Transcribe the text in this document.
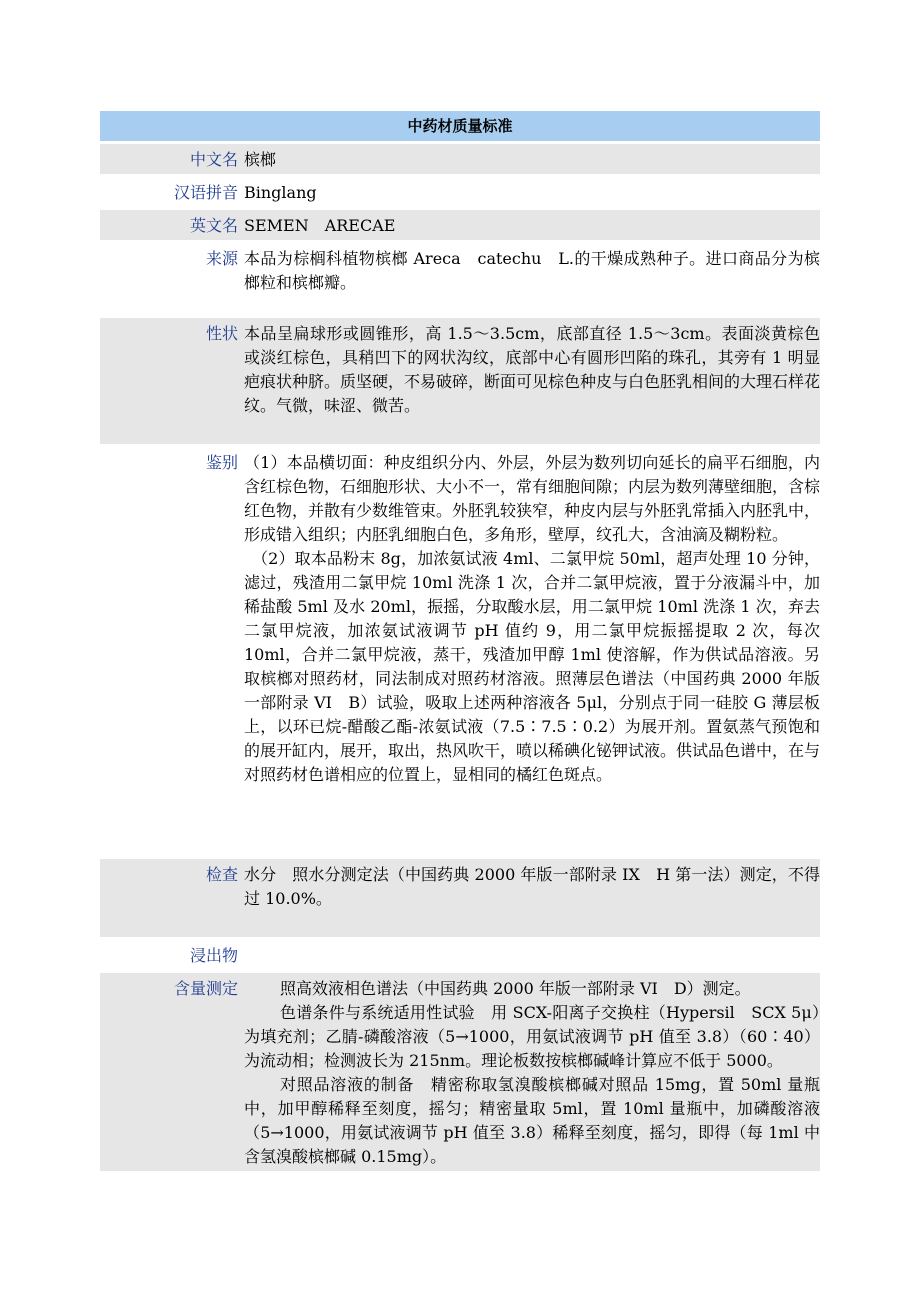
中药材质量标准
中文名 槟榔
汉语拼音 Binglang
英文名 SEMEN　ARECAE
来源 本品为棕榈科植物槟榔 Areca　catechu　L.的干燥成熟种子。进口商品分为槟榔粒和槟榔瓣。
性状 本品呈扁球形或圆锥形，高 1.5～3.5cm，底部直径 1.5～3cm。表面淡黄棕色或淡红棕色，具稍凹下的网状沟纹，底部中心有圆形凹陷的珠孔，其旁有 1 明显疤痕状种脐。质坚硬，不易破碎，断面可见棕色种皮与白色胚乳相间的大理石样花纹。气微，味涩、微苦。
鉴别 （1）本品横切面：种皮组织分内、外层，外层为数列切向延长的扁平石细胞，内含红棕色物，石细胞形状、大小不一，常有细胞间隙；内层为数列薄壁细胞，含棕红色物，并散有少数维管束。外胚乳较狭窄，种皮内层与外胚乳常插入内胚乳中，形成错入组织；内胚乳细胞白色，多角形，壁厚，纹孔大，含油滴及糊粉粒。

（2）取本品粉末 8g，加浓氨试液 4ml、二氯甲烷 50ml，超声处理 10 分钟，滤过，残渣用二氯甲烷 10ml 洗涤 1 次，合并二氯甲烷液，置于分液漏斗中，加稀盐酸 5ml 及水 20ml，振摇，分取酸水层，用二氯甲烷 10ml 洗涤 1 次，弃去二氯甲烷液，加浓氨试液调节 pH 值约 9，用二氯甲烷振摇提取 2 次，每次 10ml，合并二氯甲烷液，蒸干，残渣加甲醇 1ml 使溶解，作为供试品溶液。另取槟榔对照药材，同法制成对照药材溶液。照薄层色谱法（中国药典 2000 年版一部附录 VI　B）试验，吸取上述两种溶液各 5μl，分别点于同一硅胶 G 薄层板上，以环已烷-醋酸乙酯-浓氨试液（7.5∶7.5∶0.2）为展开剂。置氨蒸气预饱和的展开缸内，展开，取出，热风吹干，喷以稀碘化铋钾试液。供试品色谱中，在与对照药材色谱相应的位置上，显相同的橘红色斑点。

检查 水分　照水分测定法（中国药典 2000 年版一部附录 IX　H 第一法）测定，不得过 10.0%。
浸出物
含量测定	照高效液相色谱法（中国药典 2000 年版一部附录 VI　D）测定。

色谱条件与系统适用性试验　用 SCX-阳离子交换柱（Hypersil　SCX 5μ）为填充剂；乙腈-磷酸溶液（5→1000，用氨试液调节 pH 值至 3.8）（60∶40）为流动相；检测波长为 215nm。理论板数按槟榔碱峰计算应不低于 5000。

对照品溶液的制备　精密称取氢溴酸槟榔碱对照品 15mg，置 50ml 量瓶中，加甲醇稀释至刻度，摇匀；精密量取 5ml，置 10ml 量瓶中，加磷酸溶液（5→1000，用氨试液调节 pH 值至 3.8）稀释至刻度，摇匀，即得（每 1ml 中含氢溴酸槟榔碱 0.15mg）。
